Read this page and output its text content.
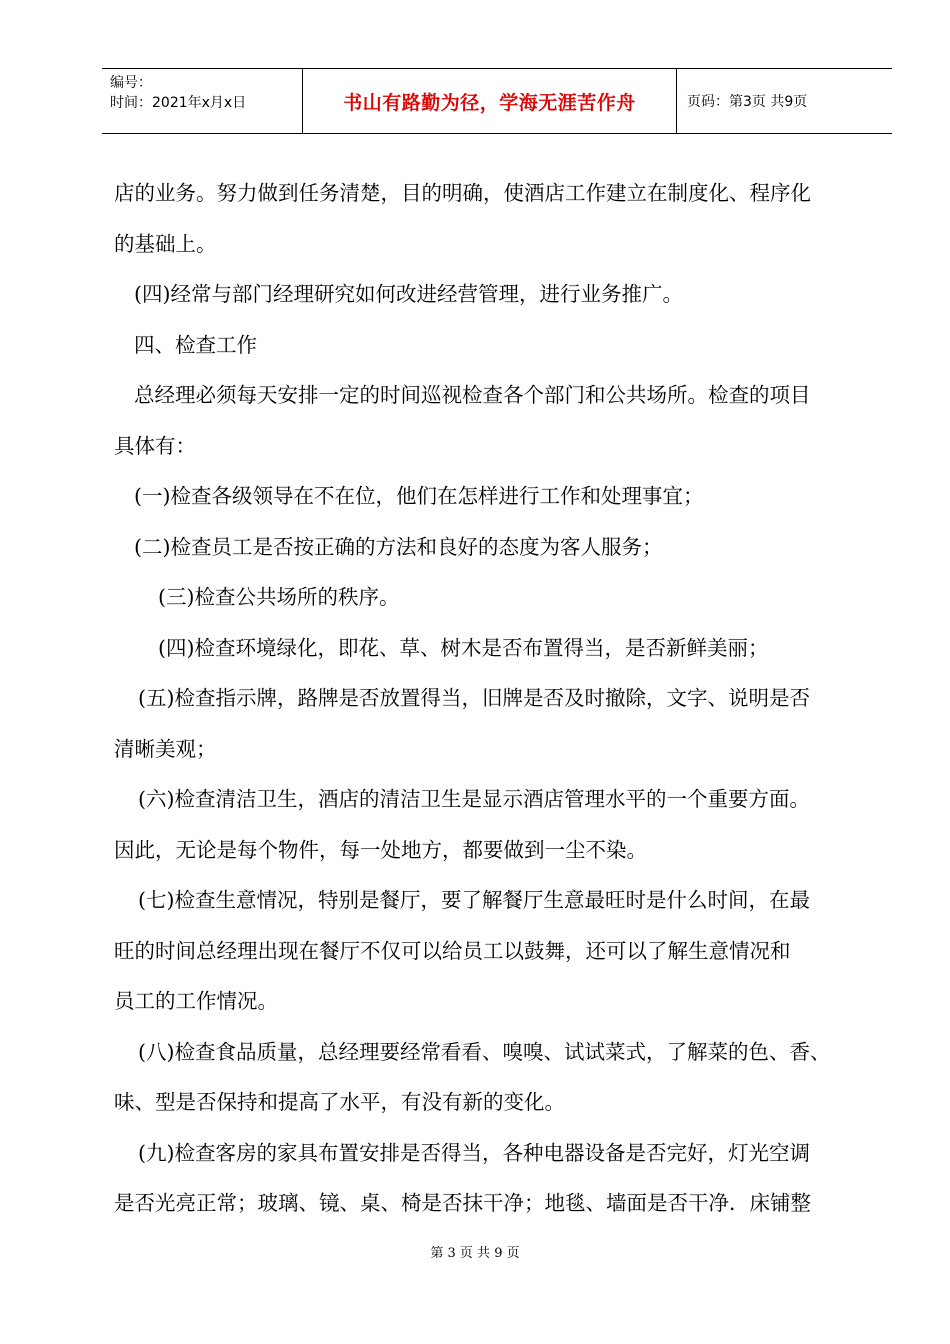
编号：
时间：2021年x月x日	书山有路勤为径，学海无涯苦作舟	页码：第3页 共9页

店的业务。努力做到任务清楚，目的明确，使酒店工作建立在制度化、程序化

的基础上。

(四)经常与部门经理研究如何改进经营管理，进行业务推广。

四、检查工作

总经理必须每天安排一定的时间巡视检查各个部门和公共场所。检查的项目

具体有：

(一)检查各级领导在不在位，他们在怎样进行工作和处理事宜；

(二)检查员工是否按正确的方法和良好的态度为客人服务；

(三)检查公共场所的秩序。

(四)检查环境绿化，即花、草、树木是否布置得当，是否新鲜美丽；

(五)检查指示牌，路牌是否放置得当，旧牌是否及时撤除，文字、说明是否

清晰美观；

(六)检查清洁卫生，酒店的清洁卫生是显示酒店管理水平的一个重要方面。

因此，无论是每个物件，每一处地方，都要做到一尘不染。

(七)检查生意情况，特别是餐厅，要了解餐厅生意最旺时是什么时间，在最

旺的时间总经理出现在餐厅不仅可以给员工以鼓舞，还可以了解生意情况和

员工的工作情况。

(八)检查食品质量，总经理要经常看看、嗅嗅、试试菜式，了解菜的色、香、

味、型是否保持和提高了水平，有没有新的变化。

(九)检查客房的家具布置安排是否得当，各种电器设备是否完好，灯光空调

是否光亮正常；玻璃、镜、桌、椅是否抹干净；地毯、墙面是否干净．床铺整

第 3 页 共 9 页
